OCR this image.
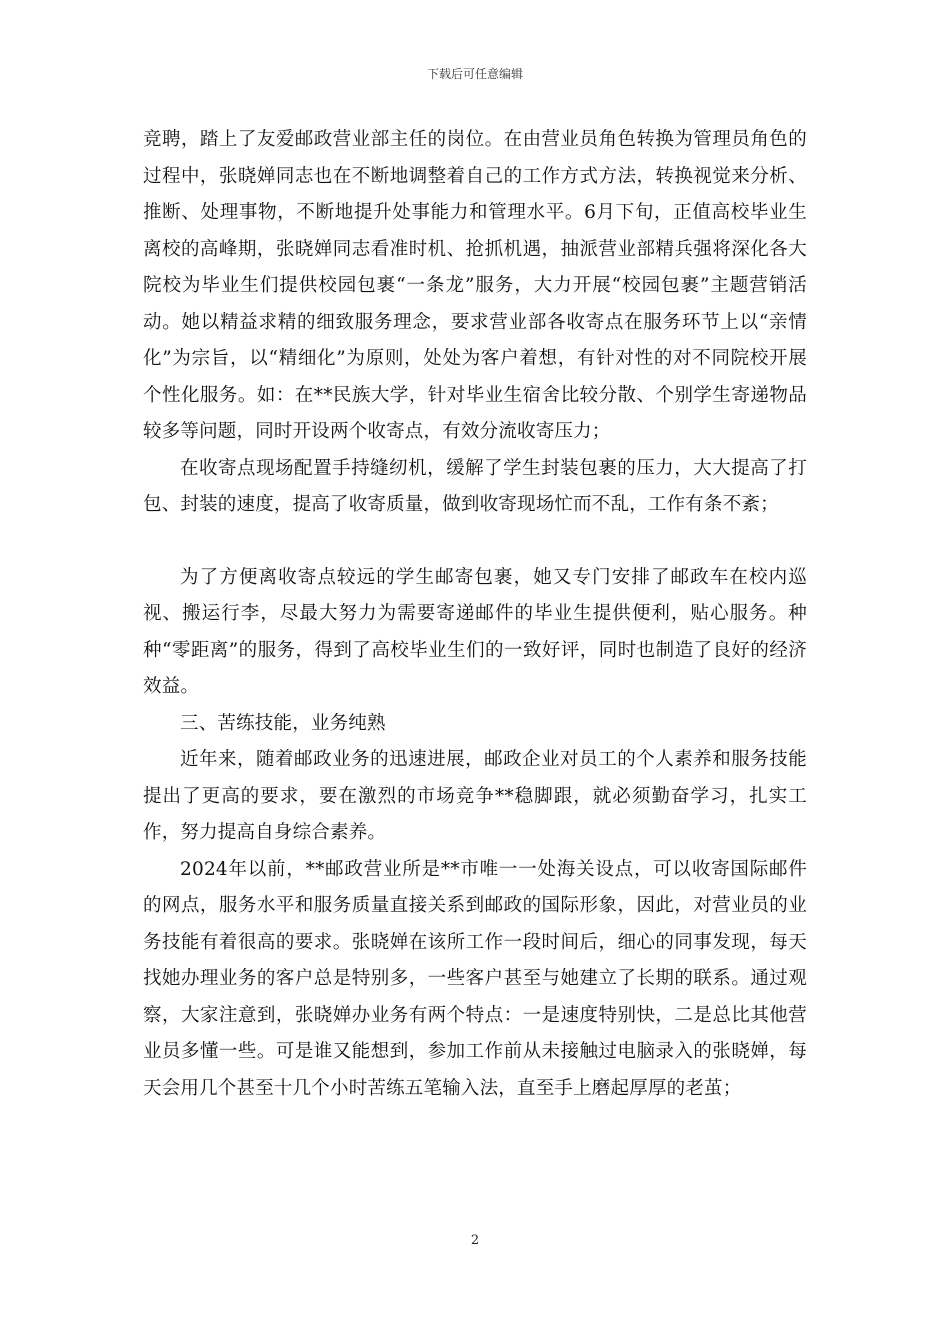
下载后可任意编辑

竞聘，踏上了友爱邮政营业部主任的岗位。在由营业员角色转换为管理员角色的过程中，张晓婵同志也在不断地调整着自己的工作方式方法，转换视觉来分析、推断、处理事物，不断地提升处事能力和管理水平。6月下旬，正值高校毕业生离校的高峰期，张晓婵同志看准时机、抢抓机遇，抽派营业部精兵强将深化各大院校为毕业生们提供校园包裹“一条龙”服务，大力开展“校园包裹”主题营销活动。她以精益求精的细致服务理念，要求营业部各收寄点在服务环节上以“亲情化”为宗旨，以“精细化”为原则，处处为客户着想，有针对性的对不同院校开展个性化服务。如：在**民族大学，针对毕业生宿舍比较分散、个别学生寄递物品较多等问题，同时开设两个收寄点，有效分流收寄压力；

在收寄点现场配置手持缝纫机，缓解了学生封装包裹的压力，大大提高了打包、封装的速度，提高了收寄质量，做到收寄现场忙而不乱，工作有条不紊；

为了方便离收寄点较远的学生邮寄包裹，她又专门安排了邮政车在校内巡视、搬运行李，尽最大努力为需要寄递邮件的毕业生提供便利，贴心服务。种种“零距离”的服务，得到了高校毕业生们的一致好评，同时也制造了良好的经济效益。

三、苦练技能，业务纯熟

近年来，随着邮政业务的迅速进展，邮政企业对员工的个人素养和服务技能提出了更高的要求，要在激烈的市场竞争**稳脚跟，就必须勤奋学习，扎实工作，努力提高自身综合素养。

2024年以前，**邮政营业所是**市唯一一处海关设点，可以收寄国际邮件的网点，服务水平和服务质量直接关系到邮政的国际形象，因此，对营业员的业务技能有着很高的要求。张晓婵在该所工作一段时间后，细心的同事发现，每天找她办理业务的客户总是特别多，一些客户甚至与她建立了长期的联系。通过观察，大家注意到，张晓婵办业务有两个特点：一是速度特别快，二是总比其他营业员多懂一些。可是谁又能想到，参加工作前从未接触过电脑录入的张晓婵，每天会用几个甚至十几个小时苦练五笔输入法，直至手上磨起厚厚的老茧；

2
